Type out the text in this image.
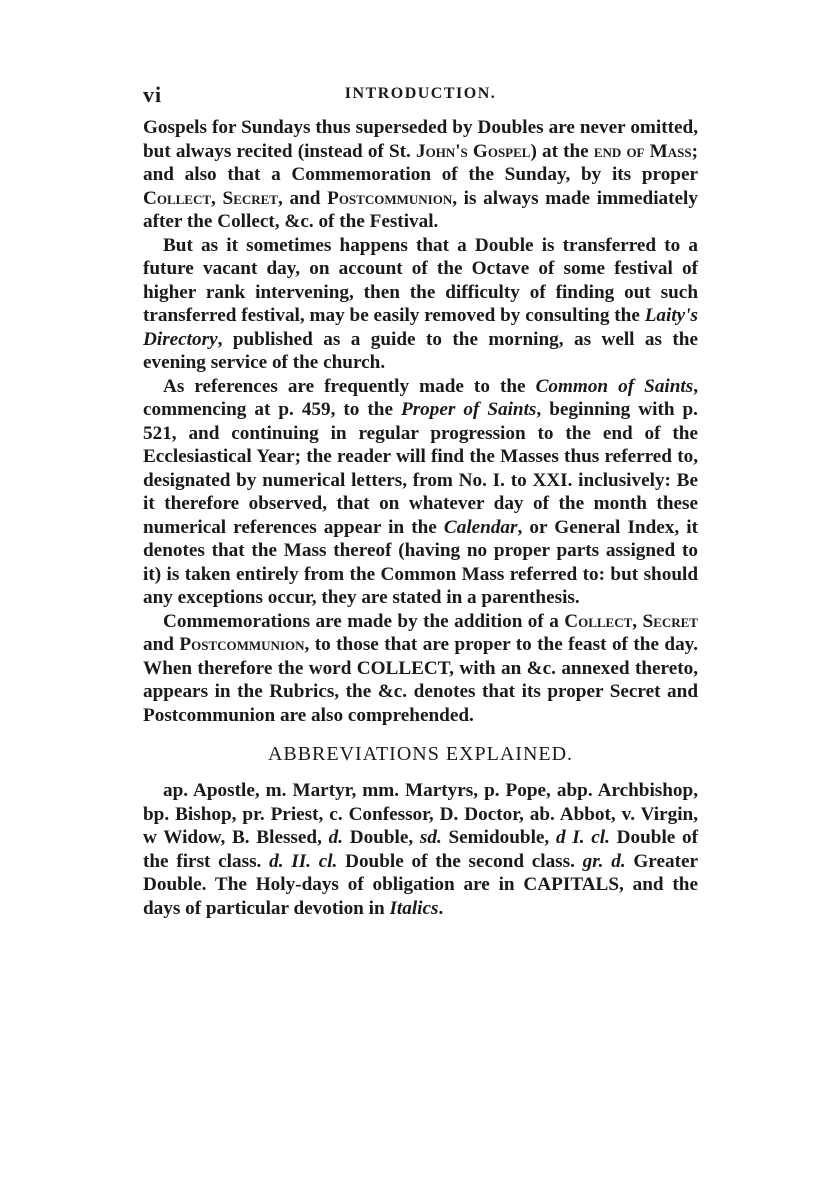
vi	INTRODUCTION.

Gospels for Sundays thus superseded by Doubles are never omitted, but always recited (instead of St. John's Gospel) at the end of Mass; and also that a Commemoration of the Sunday, by its proper Collect, Secret, and Postcommunion, is always made immediately after the Collect, &c. of the Festival.

But as it sometimes happens that a Double is transferred to a future vacant day, on account of the Octave of some festival of higher rank intervening, then the difficulty of finding out such transferred festival, may be easily removed by consulting the Laity's Directory, published as a guide to the morning, as well as the evening service of the church.

As references are frequently made to the Common of Saints, commencing at p. 459, to the Proper of Saints, beginning with p. 521, and continuing in regular progression to the end of the Ecclesiastical Year; the reader will find the Masses thus referred to, designated by numerical letters, from No. I. to XXI. inclusively: Be it therefore observed, that on whatever day of the month these numerical references appear in the Calendar, or General Index, it denotes that the Mass thereof (having no proper parts assigned to it) is taken entirely from the Common Mass referred to: but should any exceptions occur, they are stated in a parenthesis.

Commemorations are made by the addition of a Collect, Secret and Postcommunion, to those that are proper to the feast of the day. When therefore the word COLLECT, with an &c. annexed thereto, appears in the Rubrics, the &c. denotes that its proper Secret and Postcommunion are also comprehended.

ABBREVIATIONS EXPLAINED.

ap. Apostle, m. Martyr, mm. Martyrs, p. Pope, abp. Archbishop, bp. Bishop, pr. Priest, c. Confessor, D. Doctor, ab. Abbot, v. Virgin, w Widow, B. Blessed, d. Double, sd. Semidouble, d I. cl. Double of the first class. d. II. cl. Double of the second class. gr. d. Greater Double. The Holy-days of obligation are in CAPITALS, and the days of particular devotion in Italics.
